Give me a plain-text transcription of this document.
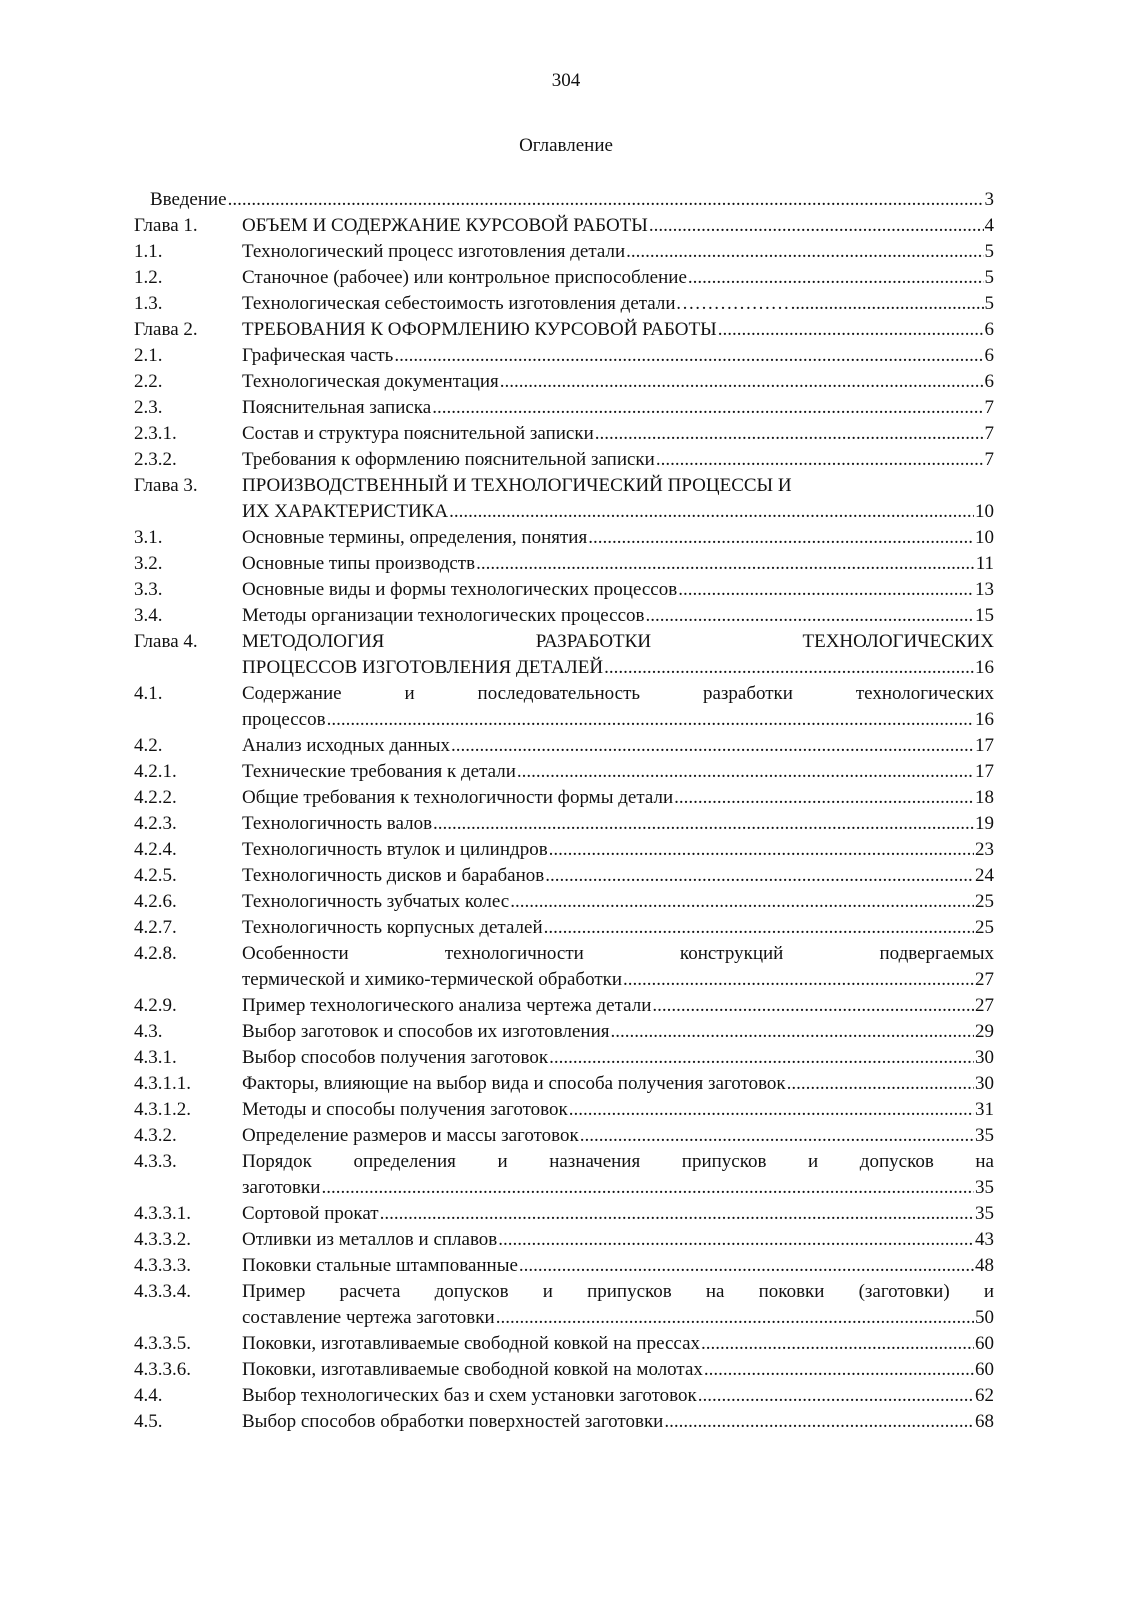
304
Оглавление
Введение .....	3
Глава 1.	ОБЪЕМ И СОДЕРЖАНИЕ КУРСОВОЙ РАБОТЫ .....	4
1.1.	Технологический процесс изготовления детали .....	5
1.2.	Станочное (рабочее) или контрольное приспособление .....	5
1.3.	Технологическая себестоимость изготовления детали……………… .....	5
Глава 2.	ТРЕБОВАНИЯ К ОФОРМЛЕНИЮ КУРСОВОЙ РАБОТЫ .....	6
2.1.	Графическая часть .....	6
2.2.	Технологическая документация .....	6
2.3.	Пояснительная записка .....	7
2.3.1.	Состав и структура пояснительной записки .....	7
2.3.2.	Требования к оформлению пояснительной записки .....	7
Глава 3.	ПРОИЗВОДСТВЕННЫЙ И ТЕХНОЛОГИЧЕСКИЙ ПРОЦЕССЫ И
ИХ ХАРАКТЕРИСТИКА .....	10
3.1.	Основные термины, определения, понятия .....	10
3.2.	Основные типы производств .....	11
3.3.	Основные виды и формы технологических процессов .....	13
3.4.	Методы организации технологических процессов .....	15
Глава 4.	МЕТОДОЛОГИЯ РАЗРАБОТКИ ТЕХНОЛОГИЧЕСКИХ
ПРОЦЕССОВ ИЗГОТОВЛЕНИЯ ДЕТАЛЕЙ .....	16
4.1.	Содержание и последовательность разработки технологических
процессов .....	16
4.2.	Анализ исходных данных .....	17
4.2.1.	Технические требования к детали .....	17
4.2.2.	Общие требования к технологичности формы детали .....	18
4.2.3.	Технологичность валов .....	19
4.2.4.	Технологичность втулок и цилиндров .....	23
4.2.5.	Технологичность дисков и барабанов .....	24
4.2.6.	Технологичность зубчатых колес .....	25
4.2.7.	Технологичность корпусных деталей .....	25
4.2.8.	Особенности технологичности конструкций подвергаемых
термической и химико-термической обработки .....	27
4.2.9.	Пример технологического анализа чертежа детали .....	27
4.3.	Выбор заготовок и способов их изготовления .....	29
4.3.1.	Выбор способов получения заготовок .....	30
4.3.1.1.	Факторы, влияющие на выбор вида и способа получения заготовок .....	30
4.3.1.2.	Методы и способы получения заготовок .....	31
4.3.2.	Определение размеров и массы заготовок .....	35
4.3.3.	Порядок определения и назначения припусков и допусков на
заготовки .....	35
4.3.3.1.	Сортовой прокат .....	35
4.3.3.2.	Отливки из металлов и сплавов .....	43
4.3.3.3.	Поковки стальные штампованные .....	48
4.3.3.4.	Пример расчета допусков и припусков на поковки (заготовки) и
составление чертежа заготовки .....	50
4.3.3.5.	Поковки, изготавливаемые свободной ковкой на прессах .....	60
4.3.3.6.	Поковки, изготавливаемые свободной ковкой на молотах .....	60
4.4.	Выбор технологических баз и схем установки заготовок .....	62
4.5.	Выбор способов обработки поверхностей заготовки .....	68
